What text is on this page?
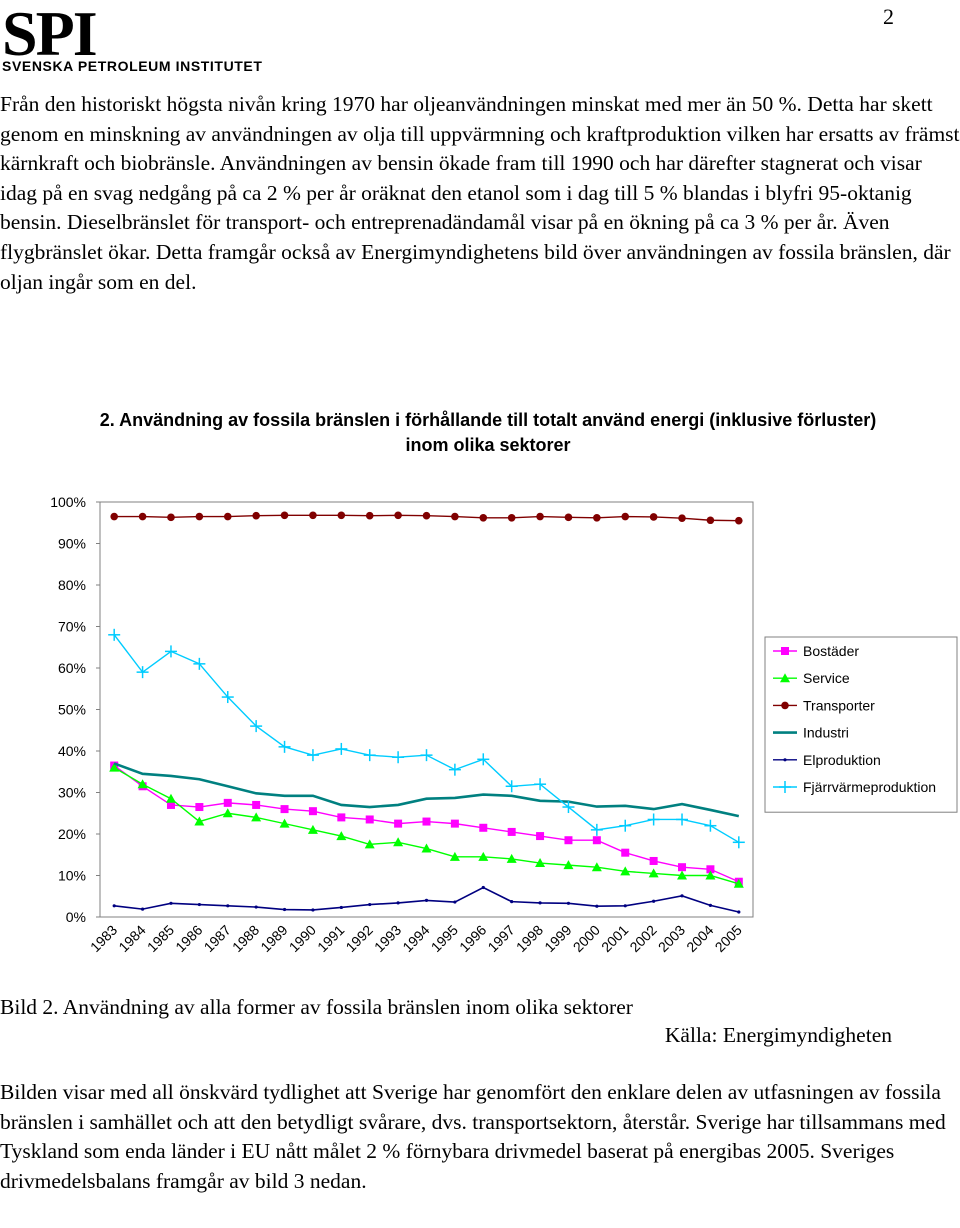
SPI
SVENSKA PETROLEUM INSTITUTET
2

Från den historiskt högsta nivån kring 1970 har oljeanvändningen minskat med mer än 50 %. Detta har skett genom en minskning av användningen av olja till uppvärmning och kraftproduktion vilken har ersatts av främst kärnkraft och biobränsle. Användningen av bensin ökade fram till 1990 och har därefter stagnerat och visar idag på en svag nedgång på ca 2 % per år oräknat den etanol som i dag till 5 % blandas i blyfri 95-oktanig bensin. Dieselbränslet för transport- och entreprenadändamål visar på en ökning på ca 3 % per år. Även flygbränslet ökar. Detta framgår också av Energimyndighetens bild över användningen av fossila bränslen, där oljan ingår som en del.

2. Användning av fossila bränslen i förhållande till totalt använd energi (inklusive förluster) inom olika sektorer
0%
10%
20%
30%
40%
50%
60%
70%
80%
90%
100%
1983
1984
1985
1986
1987
1988
1989
1990
1991
1992
1993
1994
1995
1996
1997
1998
1999
2000
2001
2002
2003
2004
2005
Bostäder
Service
Transporter
Industri
Elproduktion
Fjärrvärmeproduktion
Bild 2. Användning av alla former av fossila bränslen inom olika sektorer
Källa: Energimyndigheten

Bilden visar med all önskvärd tydlighet att Sverige har genomfört den enklare delen av utfasningen av fossila bränslen i samhället och att den betydligt svårare, dvs. transportsektorn, återstår. Sverige har tillsammans med Tyskland som enda länder i EU nått målet 2 % förnybara drivmedel baserat på energibas 2005. Sveriges drivmedelsbalans framgår av bild 3 nedan.
